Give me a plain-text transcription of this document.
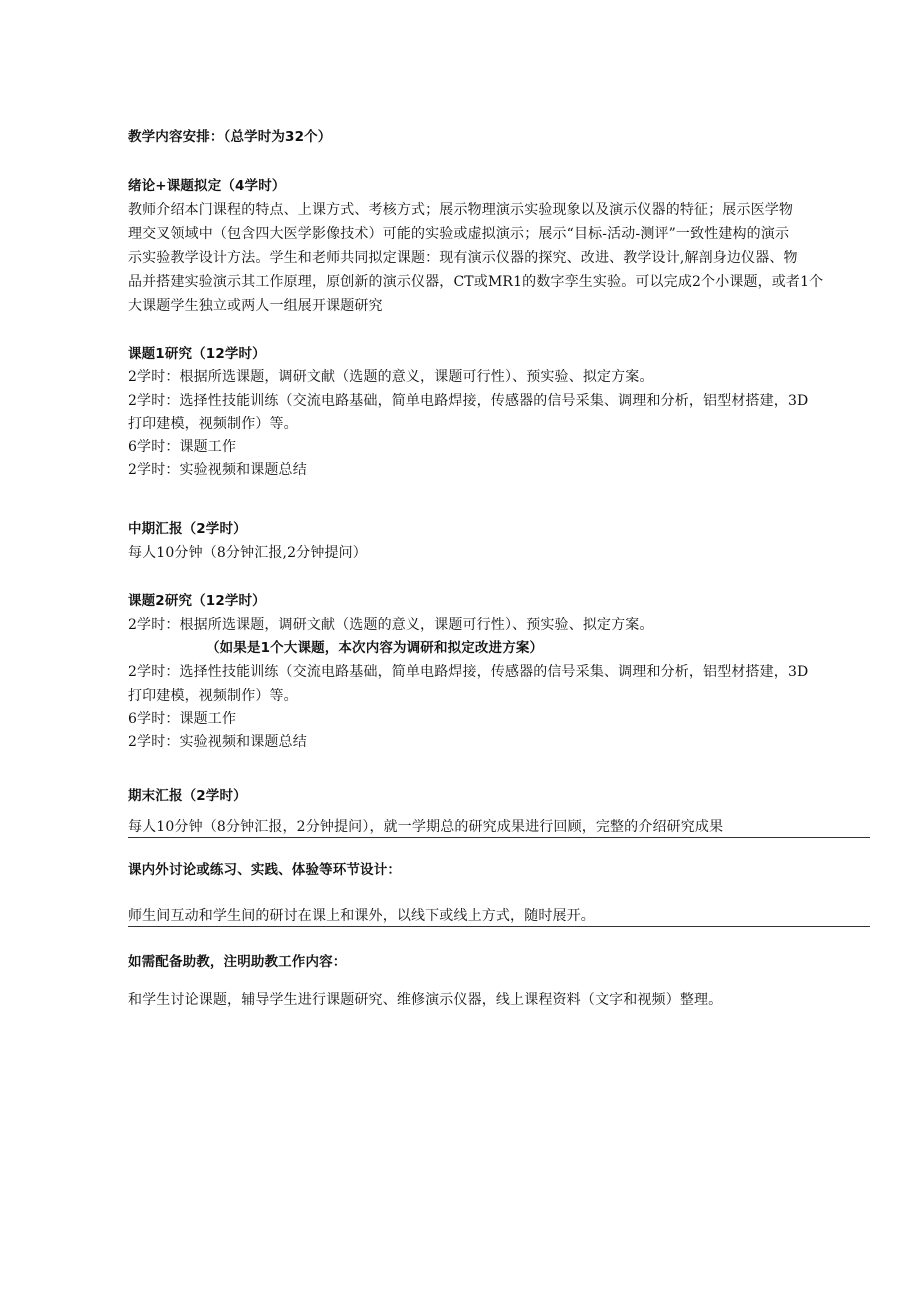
教学内容安排：（总学时为32个）
绪论+课题拟定（4学时）
教师介绍本门课程的特点、上课方式、考核方式；展示物理演示实验现象以及演示仪器的特征；展示医学物
理交叉领域中（包含四大医学影像技术）可能的实验或虚拟演示；展示“目标-活动-测评”一致性建构的演示
示实验教学设计方法。学生和老师共同拟定课题：现有演示仪器的探究、改进、教学设计,解剖身边仪器、物
品并搭建实验演示其工作原理，原创新的演示仪器，CT或MR1的数字孪生实验。可以完成2个小课题，或者1个
大课题学生独立或两人一组展开课题研究
课题1研究（12学时）
2学时：根据所选课题，调研文献（选题的意义，课题可行性）、预实验、拟定方案。
2学时：选择性技能训练（交流电路基础，简单电路焊接，传感器的信号采集、调理和分析，铝型材搭建，3D
打印建模，视频制作）等。
6学时：课题工作
2学时：实验视频和课题总结
中期汇报（2学时）
每人10分钟（8分钟汇报,2分钟提问）
课题2研究（12学时）
2学时：根据所选课题，调研文献（选题的意义，课题可行性）、预实验、拟定方案。
（如果是1个大课题，本次内容为调研和拟定改进方案）
2学时：选择性技能训练（交流电路基础，简单电路焊接，传感器的信号采集、调理和分析，铝型材搭建，3D
打印建模，视频制作）等。
6学时：课题工作
2学时：实验视频和课题总结
期末汇报（2学时）
每人10分钟（8分钟汇报，2分钟提问），就一学期总的研究成果进行回顾，完整的介绍研究成果
课内外讨论或练习、实践、体验等环节设计：
师生间互动和学生间的研讨在课上和课外，以线下或线上方式，随时展开。
如需配备助教，注明助教工作内容：
和学生讨论课题，辅导学生进行课题研究、维修演示仪器，线上课程资料（文字和视频）整理。
